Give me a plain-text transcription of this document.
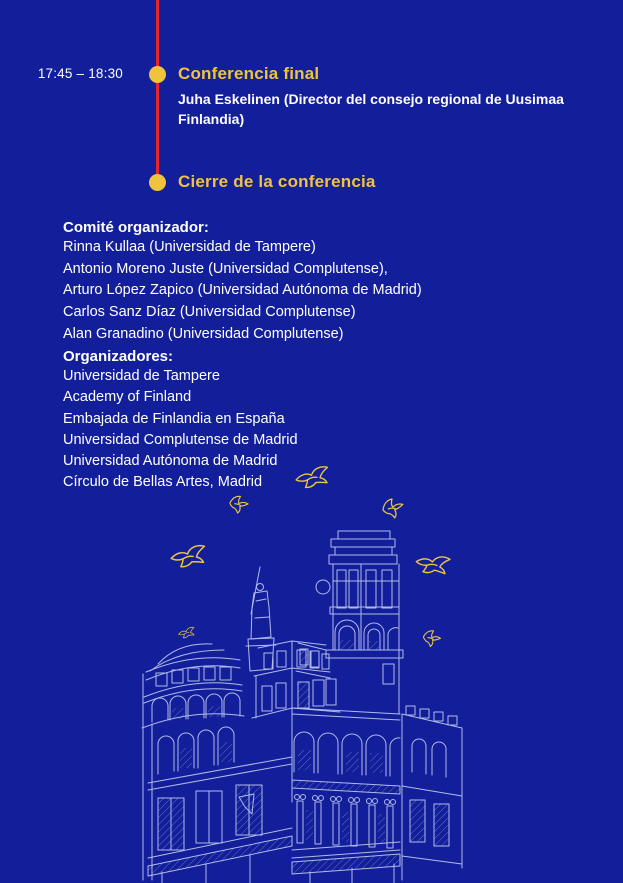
17:45 – 18:30	Conferencia final
Juha Eskelinen (Director del consejo regional de Uusimaa
Finlandia)
Cierre de la conferencia
Comité organizador:
Rinna Kullaa (Universidad de Tampere)
Antonio Moreno Juste (Universidad Complutense),
Arturo López Zapico (Universidad Autónoma de Madrid)
Carlos Sanz Díaz (Universidad Complutense)
Alan Granadino (Universidad Complutense)
Organizadores:
Universidad de Tampere
Academy of Finland
Embajada de Finlandia en España
Universidad Complutense de Madrid
Universidad Autónoma de Madrid
Círculo de Bellas Artes, Madrid
